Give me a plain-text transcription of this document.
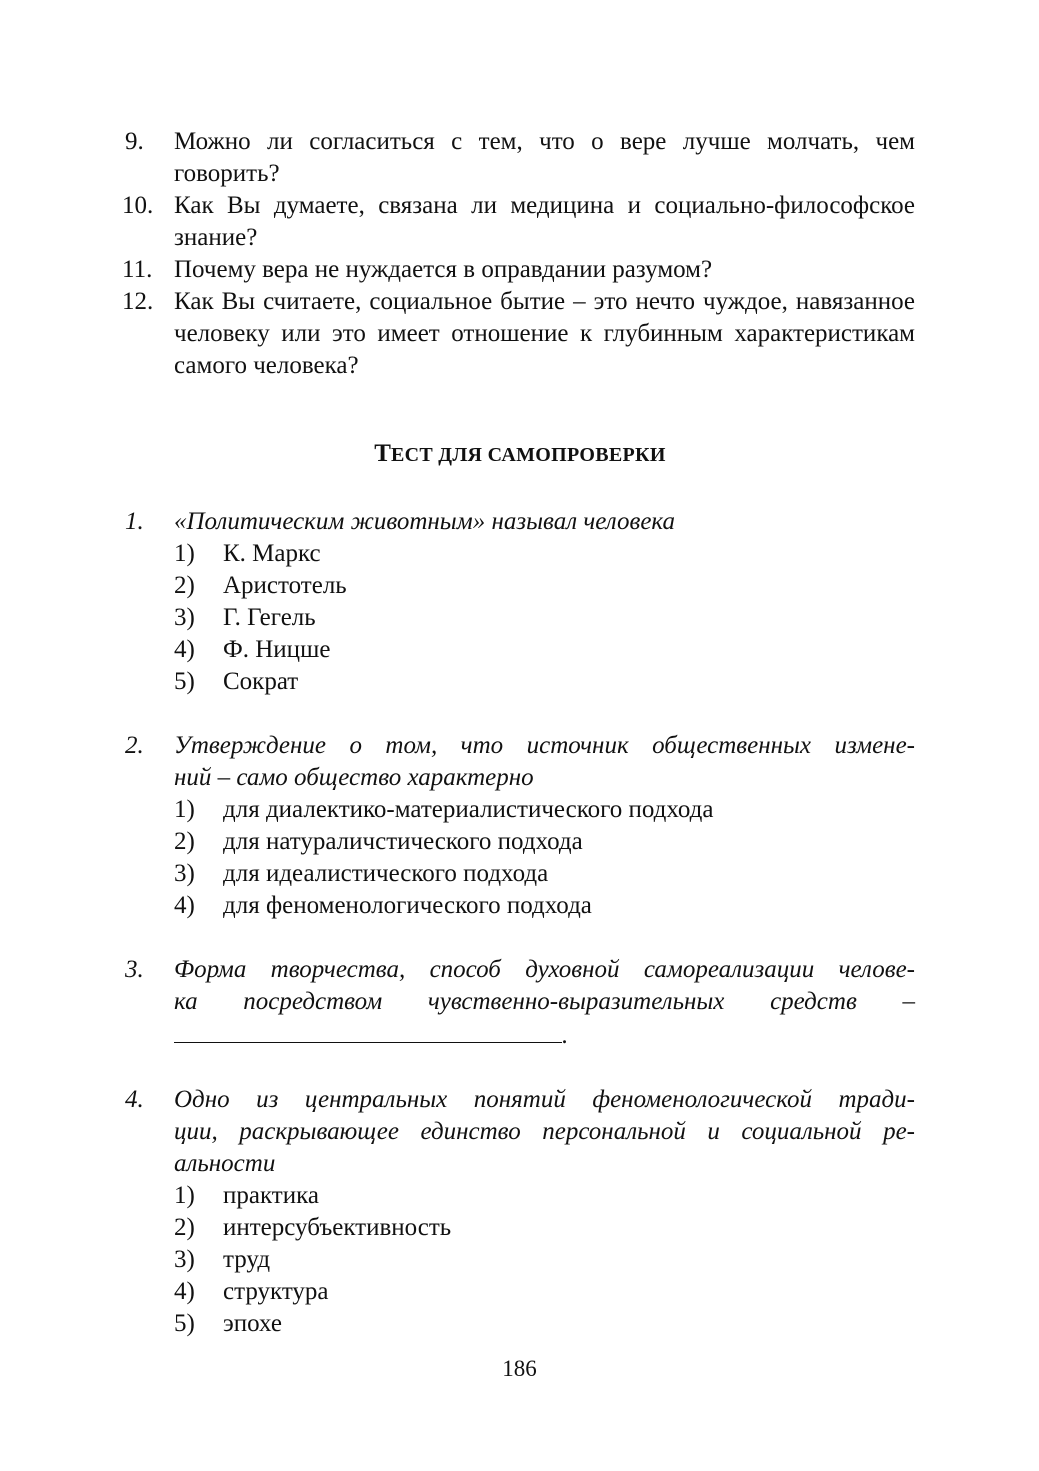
9. Можно ли согласиться с тем, что о вере лучше молчать, чем говорить?
10. Как Вы думаете, связана ли медицина и социально-философское знание?
11. Почему вера не нуждается в оправдании разумом?
12. Как Вы считаете, социальное бытие – это нечто чуждое, навязанное человеку или это имеет отношение к глубинным характеристикам самого человека?
ТЕСТ ДЛЯ САМОПРОВЕРКИ
1. «Политическим животным» называл человека
1) К. Маркс
2) Аристотель
3) Г. Гегель
4) Ф. Ницше
5) Сократ
2. Утверждение о том, что источник общественных измене-
ний – само общество характерно
1) для диалектико-материалистического подхода
2) для натураличстического подхода
3) для идеалистического подхода
4) для феноменологического подхода
3. Форма творчества, способ духовной самореализации челове-
ка посредством чувственно-выразительных средств –
.
4. Одно из центральных понятий феноменологической тради-
ции, раскрывающее единство персональной и социальной ре-
альности
1) практика
2) интерсубъективность
3) труд
4) структура
5) эпохе
186
